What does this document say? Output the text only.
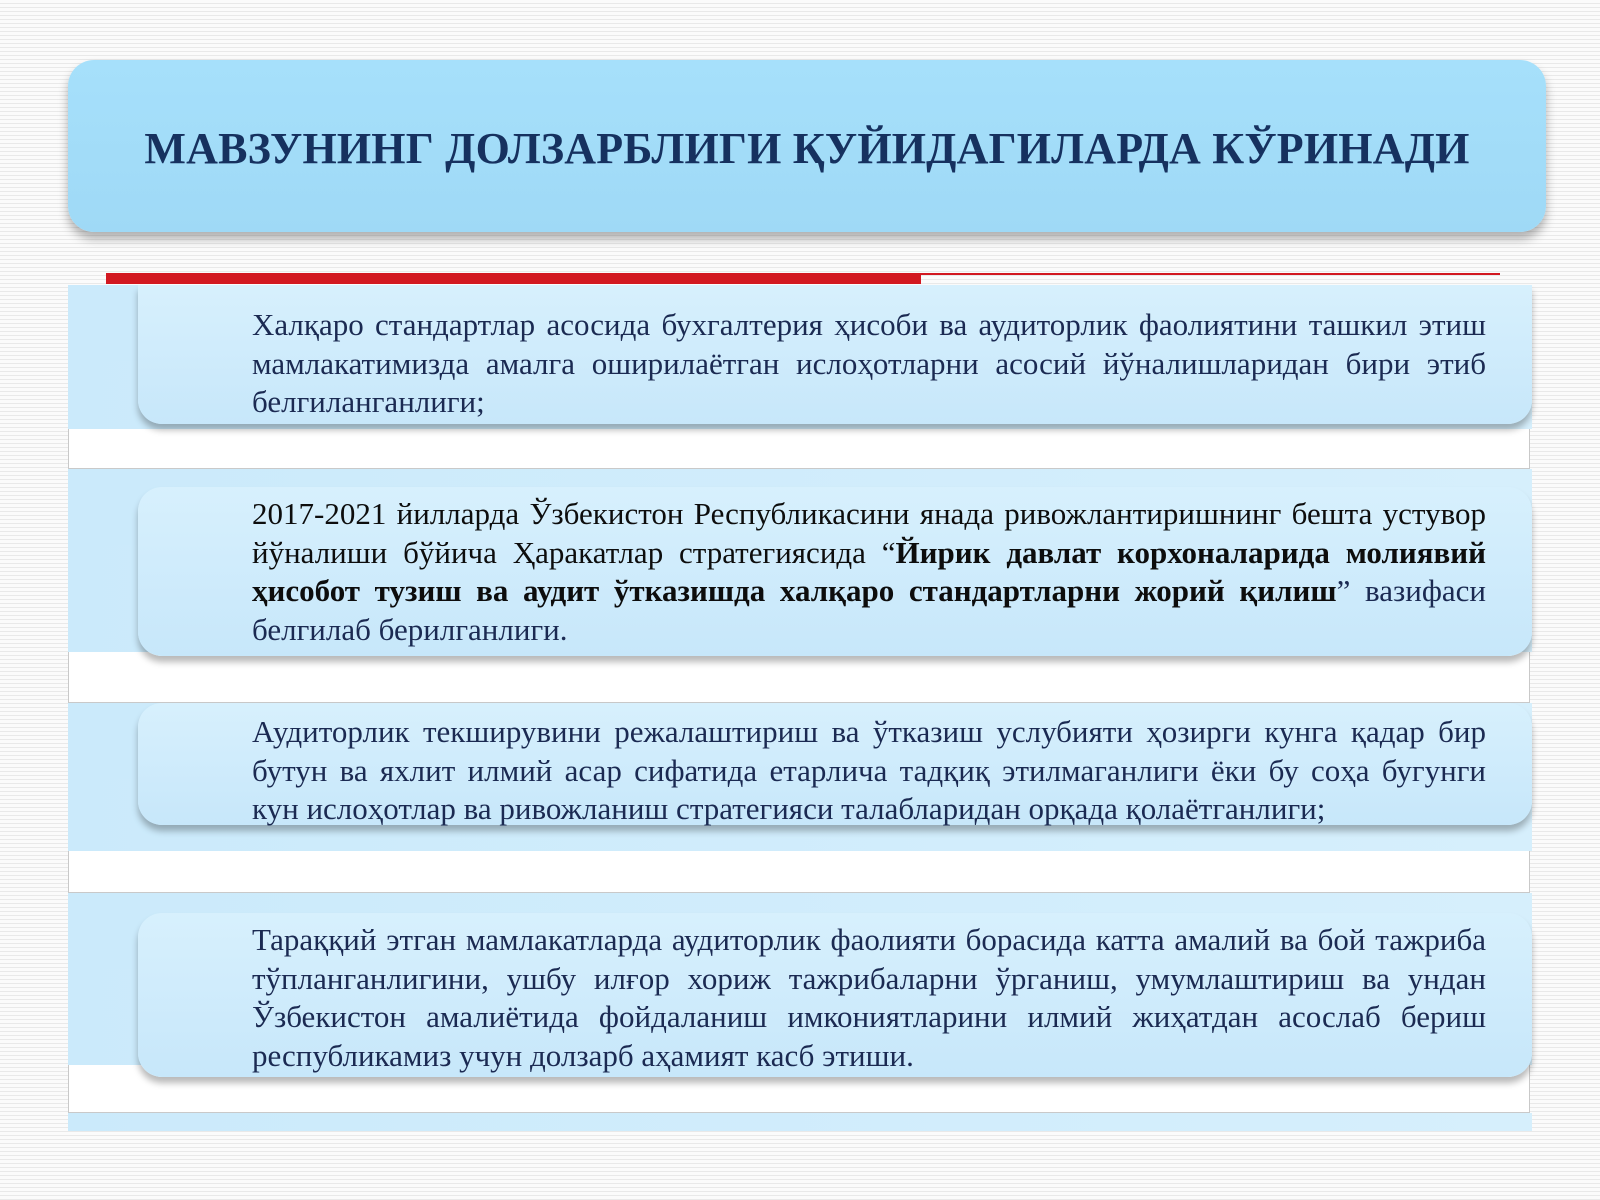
МАВЗУНИНГ ДОЛЗАРБЛИГИ ҚУЙИДАГИЛАРДА КЎРИНАДИ

Халқаро стандартлар асосида бухгалтерия ҳисоби ва аудиторлик фаолиятини ташкил этиш мамлакатимизда амалга оширилаётган ислоҳотларни асосий йўналишларидан бири этиб белгиланганлиги;

2017-2021 йилларда Ўзбекистон Республикасини янада ривожлантиришнинг бешта устувор йўналиши бўйича Ҳаракатлар стратегиясида “Йирик давлат корхоналарида молиявий ҳисобот тузиш ва аудит ўтказишда халқаро стандартларни жорий қилиш” вазифаси белгилаб берилганлиги.

Аудиторлик текширувини режалаштириш ва ўтказиш услубияти ҳозирги кунга қадар бир бутун ва яхлит илмий асар сифатида етарлича тадқиқ этилмаганлиги ёки бу соҳа бугунги кун ислоҳотлар ва ривожланиш стратегияси талабларидан орқада қолаётганлиги;

Тараққий этган мамлакатларда аудиторлик фаолияти борасида катта амалий ва бой тажриба тўпланганлигини, ушбу илғор хориж тажрибаларни ўрганиш, умумлаштириш ва ундан Ўзбекистон амалиётида фойдаланиш имкониятларини илмий жиҳатдан асослаб бериш республикамиз учун долзарб аҳамият касб этиши.
